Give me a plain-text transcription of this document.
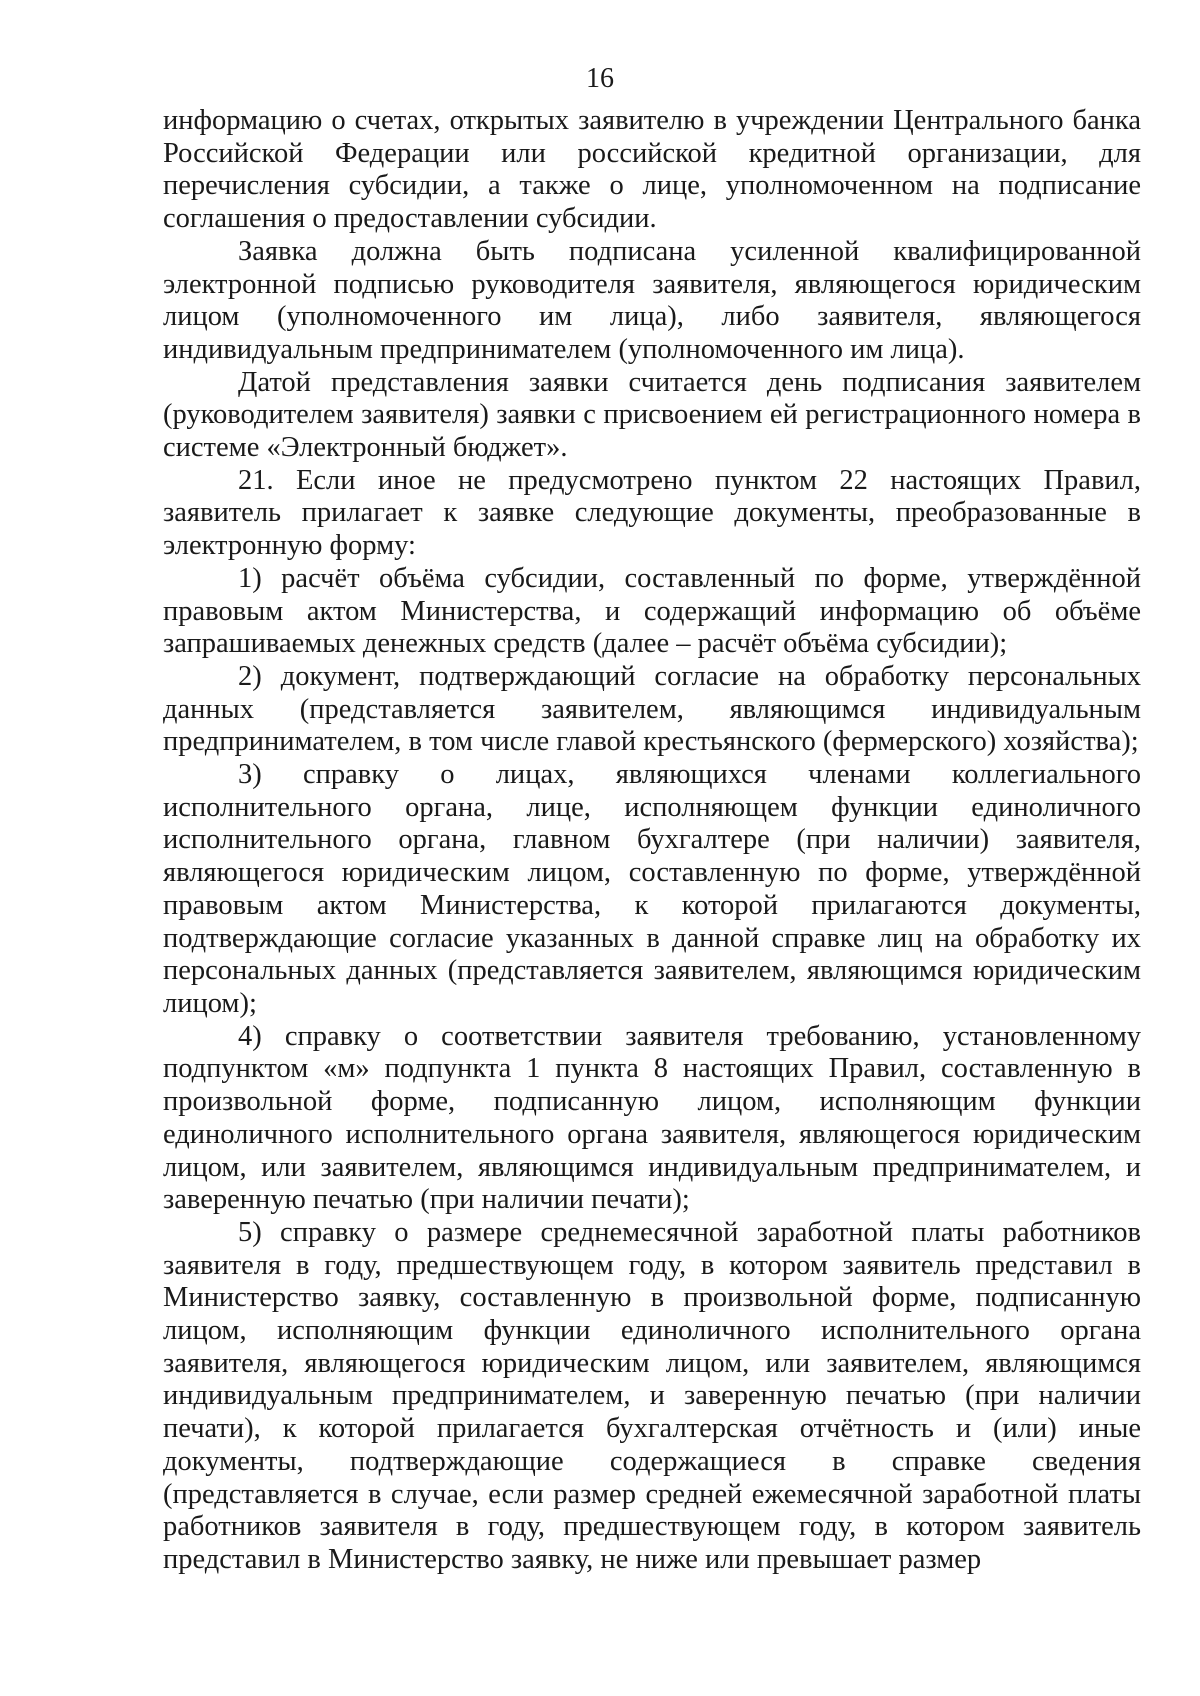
16

информацию о счетах, открытых заявителю в учреждении Центрального банка Российской Федерации или российской кредитной организации, для перечисления субсидии, а также о лице, уполномоченном на подписание соглашения о предоставлении субсидии.

Заявка должна быть подписана усиленной квалифицированной электронной подписью руководителя заявителя, являющегося юридическим лицом (уполномоченного им лица), либо заявителя, являющегося индивидуальным предпринимателем (уполномоченного им лица).

Датой представления заявки считается день подписания заявителем (руководителем заявителя) заявки с присвоением ей регистрационного номера в системе «Электронный бюджет».

21. Если иное не предусмотрено пунктом 22 настоящих Правил, заявитель прилагает к заявке следующие документы, преобразованные в электронную форму:

1) расчёт объёма субсидии, составленный по форме, утверждённой правовым актом Министерства, и содержащий информацию об объёме запрашиваемых денежных средств (далее – расчёт объёма субсидии);

2) документ, подтверждающий согласие на обработку персональных данных (представляется заявителем, являющимся индивидуальным предпринимателем, в том числе главой крестьянского (фермерского) хозяйства);

3) справку о лицах, являющихся членами коллегиального исполнительного органа, лице, исполняющем функции единоличного исполнительного органа, главном бухгалтере (при наличии) заявителя, являющегося юридическим лицом, составленную по форме, утверждённой правовым актом Министерства, к которой прилагаются документы, подтверждающие согласие указанных в данной справке лиц на обработку их персональных данных (представляется заявителем, являющимся юридическим лицом);

4) справку о соответствии заявителя требованию, установленному подпунктом «м» подпункта 1 пункта 8 настоящих Правил, составленную в произвольной форме, подписанную лицом, исполняющим функции единоличного исполнительного органа заявителя, являющегося юридическим лицом, или заявителем, являющимся индивидуальным предпринимателем, и заверенную печатью (при наличии печати);

5) справку о размере среднемесячной заработной платы работников заявителя в году, предшествующем году, в котором заявитель представил в Министерство заявку, составленную в произвольной форме, подписанную лицом, исполняющим функции единоличного исполнительного органа заявителя, являющегося юридическим лицом, или заявителем, являющимся индивидуальным предпринимателем, и заверенную печатью (при наличии печати), к которой прилагается бухгалтерская отчётность и (или) иные документы, подтверждающие содержащиеся в справке сведения (представляется в случае, если размер средней ежемесячной заработной платы работников заявителя в году, предшествующем году, в котором заявитель представил в Министерство заявку, не ниже или превышает размер
